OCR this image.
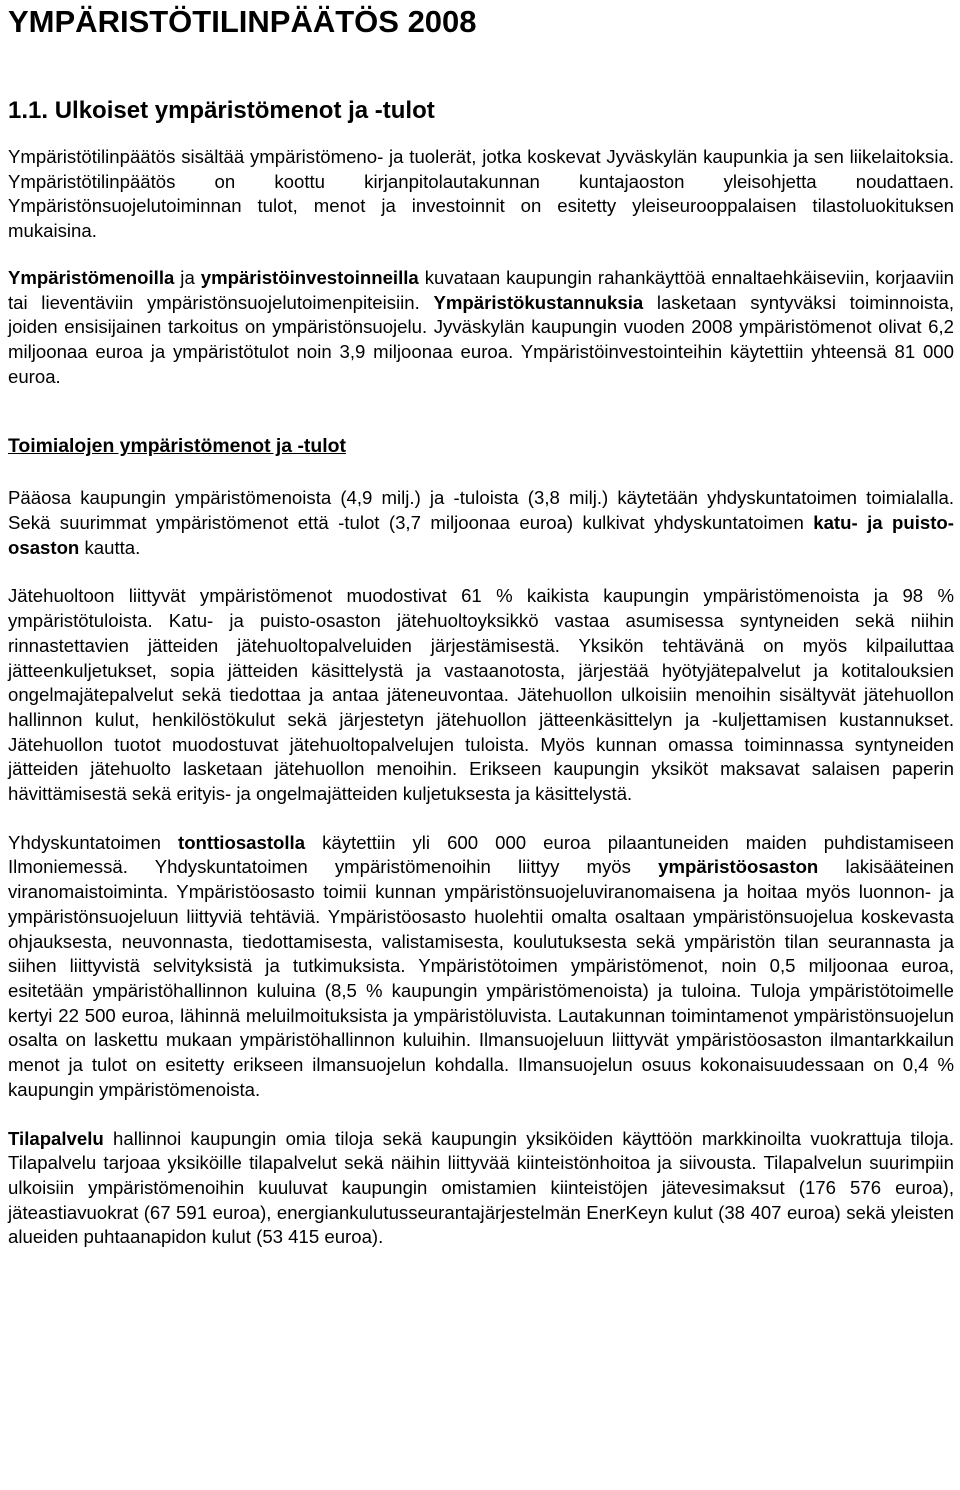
YMPÄRISTÖTILINPÄÄTÖS 2008
1.1. Ulkoiset ympäristömenot ja -tulot

Ympäristötilinpäätös sisältää ympäristömeno- ja tuolerät, jotka koskevat Jyväskylän kaupunkia ja sen liikelaitoksia. Ympäristötilinpäätös on koottu kirjanpitolautakunnan kuntajaoston yleisohjetta noudattaen. Ympäristönsuojelutoiminnan tulot, menot ja investoinnit on esitetty yleiseurooppalaisen tilastoluokituksen mukaisina.

Ympäristömenoilla ja ympäristöinvestoinneilla kuvataan kaupungin rahankäyttöä ennaltaehkäiseviin, korjaaviin tai lieventäviin ympäristönsuojelutoimenpiteisiin. Ympäristökustannuksia lasketaan syntyväksi toiminnoista, joiden ensisijainen tarkoitus on ympäristönsuojelu. Jyväskylän kaupungin vuoden 2008 ympäristömenot olivat 6,2 miljoonaa euroa ja ympäristötulot noin 3,9 miljoonaa euroa. Ympäristöinvestointeihin käytettiin yhteensä 81 000 euroa.

Toimialojen ympäristömenot ja -tulot

Pääosa kaupungin ympäristömenoista (4,9 milj.) ja -tuloista (3,8 milj.) käytetään yhdyskuntatoimen toimialalla. Sekä suurimmat ympäristömenot että -tulot (3,7 miljoonaa euroa) kulkivat yhdyskuntatoimen katu- ja puisto-osaston kautta.

Jätehuoltoon liittyvät ympäristömenot muodostivat 61 % kaikista kaupungin ympäristömenoista ja 98 % ympäristötuloista. Katu- ja puisto-osaston jätehuoltoyksikkö vastaa asumisessa syntyneiden sekä niihin rinnastettavien jätteiden jätehuoltopalveluiden järjestämisestä. Yksikön tehtävänä on myös kilpailuttaa jätteenkuljetukset, sopia jätteiden käsittelystä ja vastaanotosta, järjestää hyötyjätepalvelut ja kotitalouksien ongelmajätepalvelut sekä tiedottaa ja antaa jäteneuvontaa. Jätehuollon ulkoisiin menoihin sisältyvät jätehuollon hallinnon kulut, henkilöstökulut sekä järjestetyn jätehuollon jätteenkäsittelyn ja -kuljettamisen kustannukset. Jätehuollon tuotot muodostuvat jätehuoltopalvelujen tuloista. Myös kunnan omassa toiminnassa syntyneiden jätteiden jätehuolto lasketaan jätehuollon menoihin. Erikseen kaupungin yksiköt maksavat salaisen paperin hävittämisestä sekä erityis- ja ongelmajätteiden kuljetuksesta ja käsittelystä.

Yhdyskuntatoimen tonttiosastolla käytettiin yli 600 000 euroa pilaantuneiden maiden puhdistamiseen Ilmoniemessä. Yhdyskuntatoimen ympäristömenoihin liittyy myös ympäristöosaston lakisääteinen viranomaistoiminta. Ympäristöosasto toimii kunnan ympäristönsuojeluviranomaisena ja hoitaa myös luonnon- ja ympäristönsuojeluun liittyviä tehtäviä. Ympäristöosasto huolehtii omalta osaltaan ympäristönsuojelua koskevasta ohjauksesta, neuvonnasta, tiedottamisesta, valistamisesta, koulutuksesta sekä ympäristön tilan seurannasta ja siihen liittyvistä selvityksistä ja tutkimuksista. Ympäristötoimen ympäristömenot, noin 0,5 miljoonaa euroa, esitetään ympäristöhallinnon kuluina (8,5 % kaupungin ympäristömenoista) ja tuloina. Tuloja ympäristötoimelle kertyi 22 500 euroa, lähinnä meluilmoituksista ja ympäristöluvista. Lautakunnan toimintamenot ympäristönsuojelun osalta on laskettu mukaan ympäristöhallinnon kuluihin. Ilmansuojeluun liittyvät ympäristöosaston ilmantarkkailun menot ja tulot on esitetty erikseen ilmansuojelun kohdalla. Ilmansuojelun osuus kokonaisuudessaan on 0,4 % kaupungin ympäristömenoista.

Tilapalvelu hallinnoi kaupungin omia tiloja sekä kaupungin yksiköiden käyttöön markkinoilta vuokrattuja tiloja. Tilapalvelu tarjoaa yksiköille tilapalvelut sekä näihin liittyvää kiinteistönhoitoa ja siivousta. Tilapalvelun suurimpiin ulkoisiin ympäristömenoihin kuuluvat kaupungin omistamien kiinteistöjen jätevesimaksut (176 576 euroa), jäteastiavuokrat (67 591 euroa), energiankulutusseurantajärjestelmän EnerKeyn kulut (38 407 euroa) sekä yleisten alueiden puhtaanapidon kulut (53 415 euroa).
